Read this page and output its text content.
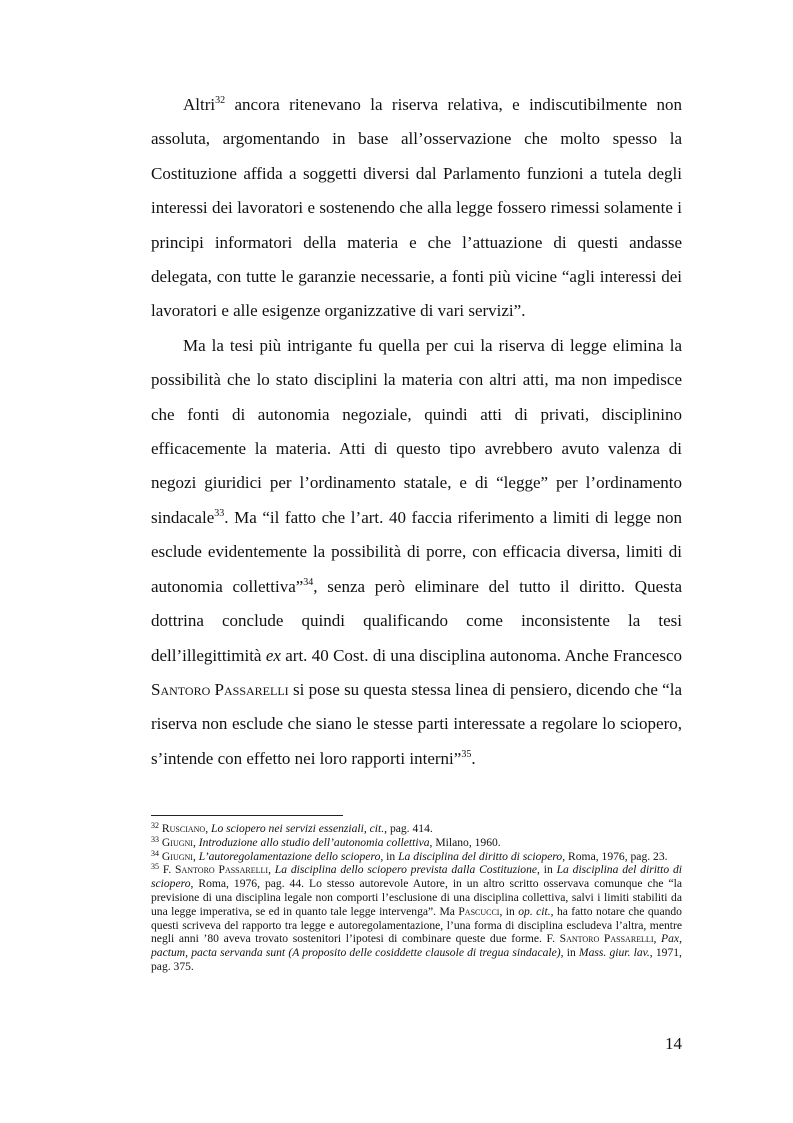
Altri$^{32}$ ancora ritenevano la riserva relativa, e indiscutibilmente non assoluta, argomentando in base all’osservazione che molto spesso la Costituzione affida a soggetti diversi dal Parlamento funzioni a tutela degli interessi dei lavoratori e sostenendo che alla legge fossero rimessi solamente i principi informatori della materia e che l’attuazione di questi andasse delegata, con tutte le garanzie necessarie, a fonti più vicine “agli interessi dei lavoratori e alle esigenze organizzative di vari servizi”.

Ma la tesi più intrigante fu quella per cui la riserva di legge elimina la possibilità che lo stato disciplini la materia con altri atti, ma non impedisce che fonti di autonomia negoziale, quindi atti di privati, disciplinino efficacemente la materia. Atti di questo tipo avrebbero avuto valenza di negozi giuridici per l’ordinamento statale, e di “legge” per l’ordinamento sindacale$^{33}$. Ma “il fatto che l’art. 40 faccia riferimento a limiti di legge non esclude evidentemente la possibilità di porre, con efficacia diversa, limiti di autonomia collettiva”$^{34}$, senza però eliminare del tutto il diritto. Questa dottrina conclude quindi qualificando come inconsistente la tesi dell’illegittimità ex art. 40 Cost. di una disciplina autonoma. Anche Francesco Santoro Passarelli si pose su questa stessa linea di pensiero, dicendo che “la riserva non esclude che siano le stesse parti interessate a regolare lo sciopero, s’intende con effetto nei loro rapporti interni”$^{35}$.

$^{32}$ Rusciano, Lo sciopero nei servizi essenziali, cit., pag. 414.

$^{33}$ Giugni, Introduzione allo studio dell’autonomia collettiva, Milano, 1960.

$^{34}$ Giugni, L’autoregolamentazione dello sciopero, in La disciplina del diritto di sciopero, Roma, 1976, pag. 23.

$^{35}$ F. Santoro Passarelli, La disciplina dello sciopero prevista dalla Costituzione, in La disciplina del diritto di sciopero, Roma, 1976, pag. 44. Lo stesso autorevole Autore, in un altro scritto osservava comunque che “la previsione di una disciplina legale non comporti l’esclusione di una disciplina collettiva, salvi i limiti stabiliti da una legge imperativa, se ed in quanto tale legge intervenga”. Ma Pascucci, in op. cit., ha fatto notare che quando questi scriveva del rapporto tra legge e autoregolamentazione, l’una forma di disciplina escludeva l’altra, mentre negli anni ’80 aveva trovato sostenitori l’ipotesi di combinare queste due forme. F. Santoro Passarelli, Pax, pactum, pacta servanda sunt (A proposito delle cosiddette clausole di tregua sindacale), in Mass. giur. lav., 1971, pag. 375.

14
